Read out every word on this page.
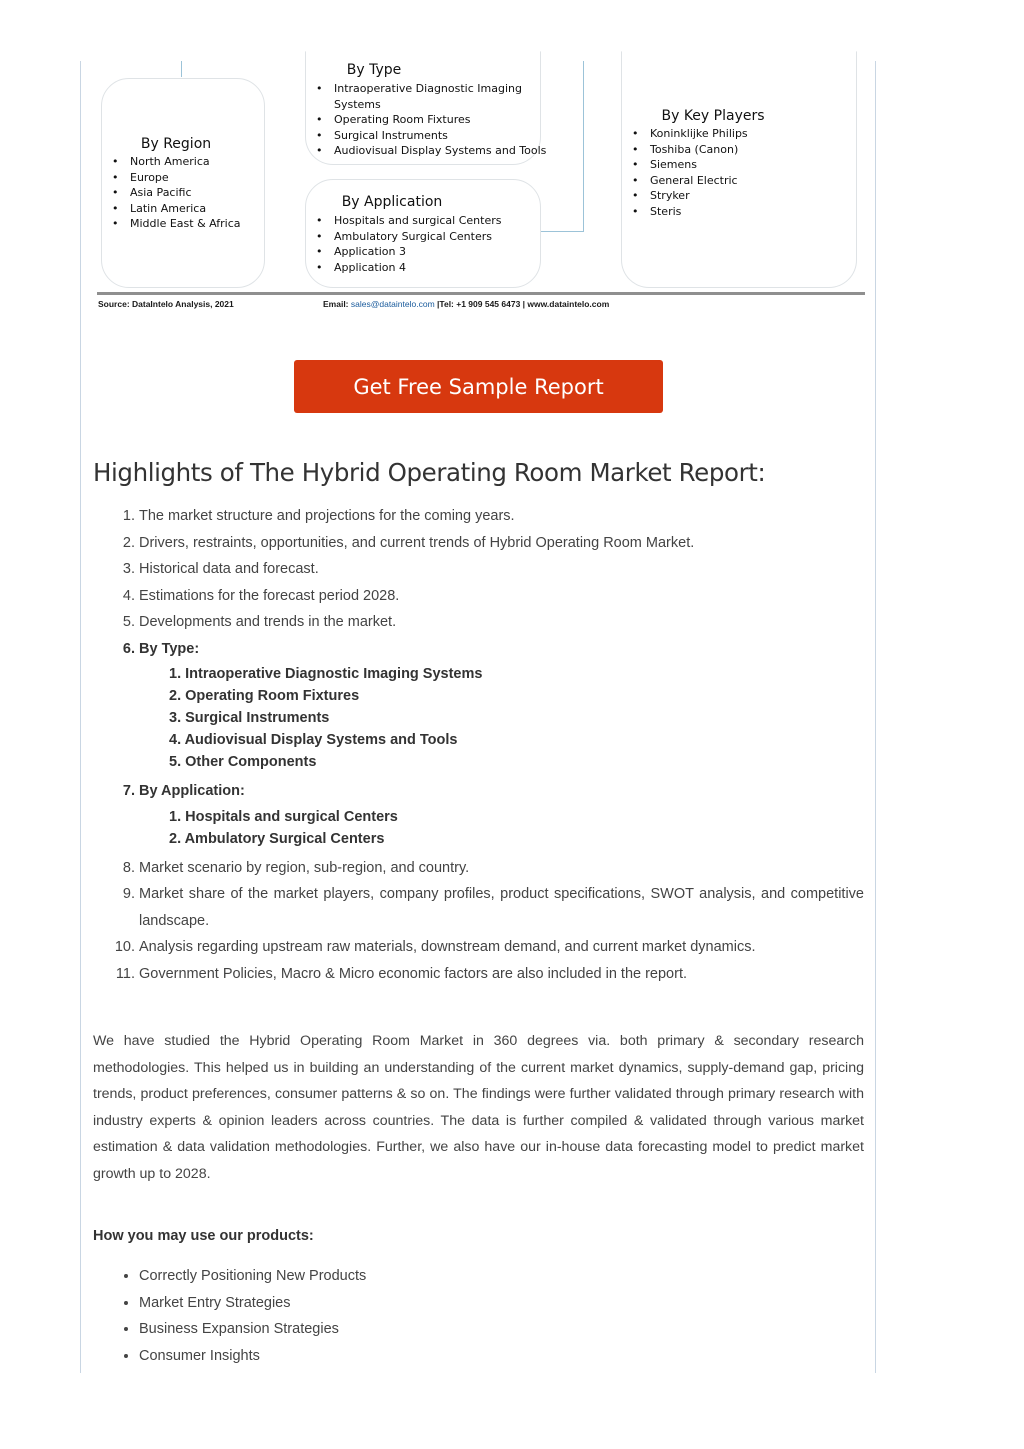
By Type
• Intraoperative Diagnostic Imaging Systems
• Operating Room Fixtures
• Surgical Instruments
• Audiovisual Display Systems and Tools
By Region
• North America
• Europe
• Asia Pacific
• Latin America
• Middle East & Africa
By Application
• Hospitals and surgical Centers
• Ambulatory Surgical Centers
• Application 3
• Application 4
By Key Players
• Koninklijke Philips
• Toshiba (Canon)
• Siemens
• General Electric
• Stryker
• Steris
Source: DataIntelo Analysis, 2021	Email: sales@dataintelo.com |Tel: +1 909 545 6473 | www.dataintelo.com
Get Free Sample Report
Highlights of The Hybrid Operating Room Market Report:
1. The market structure and projections for the coming years.
2. Drivers, restraints, opportunities, and current trends of Hybrid Operating Room Market.
3. Historical data and forecast.
4. Estimations for the forecast period 2028.
5. Developments and trends in the market.
6. By Type:
1. Intraoperative Diagnostic Imaging Systems
2. Operating Room Fixtures
3. Surgical Instruments
4. Audiovisual Display Systems and Tools
5. Other Components
7. By Application:
1. Hospitals and surgical Centers
2. Ambulatory Surgical Centers
8. Market scenario by region, sub-region, and country.
9. Market share of the market players, company profiles, product specifications, SWOT analysis, and competitive landscape.
10. Analysis regarding upstream raw materials, downstream demand, and current market dynamics.
11. Government Policies, Macro & Micro economic factors are also included in the report.

We have studied the Hybrid Operating Room Market in 360 degrees via. both primary & secondary research methodologies. This helped us in building an understanding of the current market dynamics, supply-demand gap, pricing trends, product preferences, consumer patterns & so on. The findings were further validated through primary research with industry experts & opinion leaders across countries. The data is further compiled & validated through various market estimation & data validation methodologies. Further, we also have our in-house data forecasting model to predict market growth up to 2028.

How you may use our products:
• Correctly Positioning New Products
• Market Entry Strategies
• Business Expansion Strategies
• Consumer Insights
